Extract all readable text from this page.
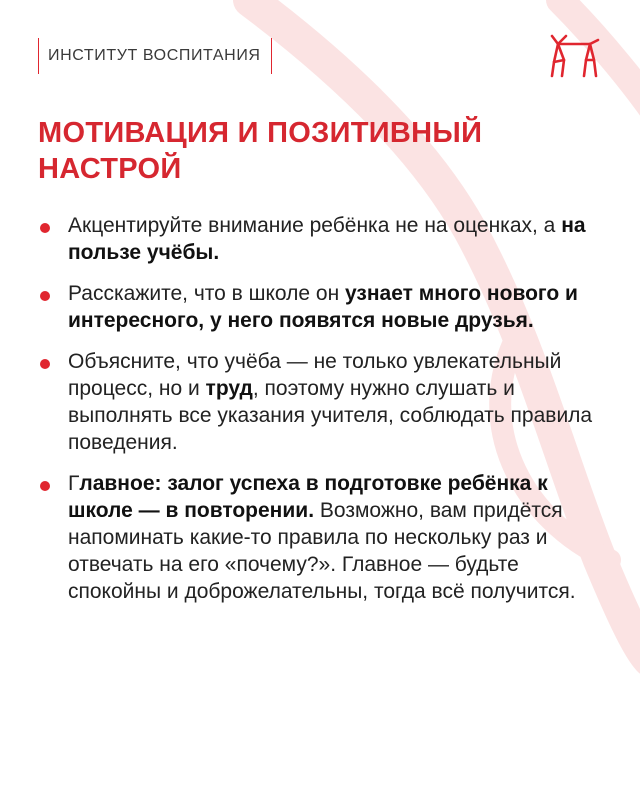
ИНСТИТУТ ВОСПИТАНИЯ
МОТИВАЦИЯ И ПОЗИТИВНЫЙ НАСТРОЙ

Акцентируйте внимание ребёнка не на оценках, а на пользе учёбы.

Расскажите, что в школе он узнает много нового и интересного, у него появятся новые друзья.

Объясните, что учёба — не только увлекательный процесс, но и труд, поэтому нужно слушать и выполнять все указания учителя, соблюдать правила поведения.

Главное: залог успеха в подготовке ребёнка к школе — в повторении. Возможно, вам придётся напоминать какие-то правила по нескольку раз и отвечать на его «почему?». Главное — будьте спокойны и доброжелательны, тогда всё получится.
